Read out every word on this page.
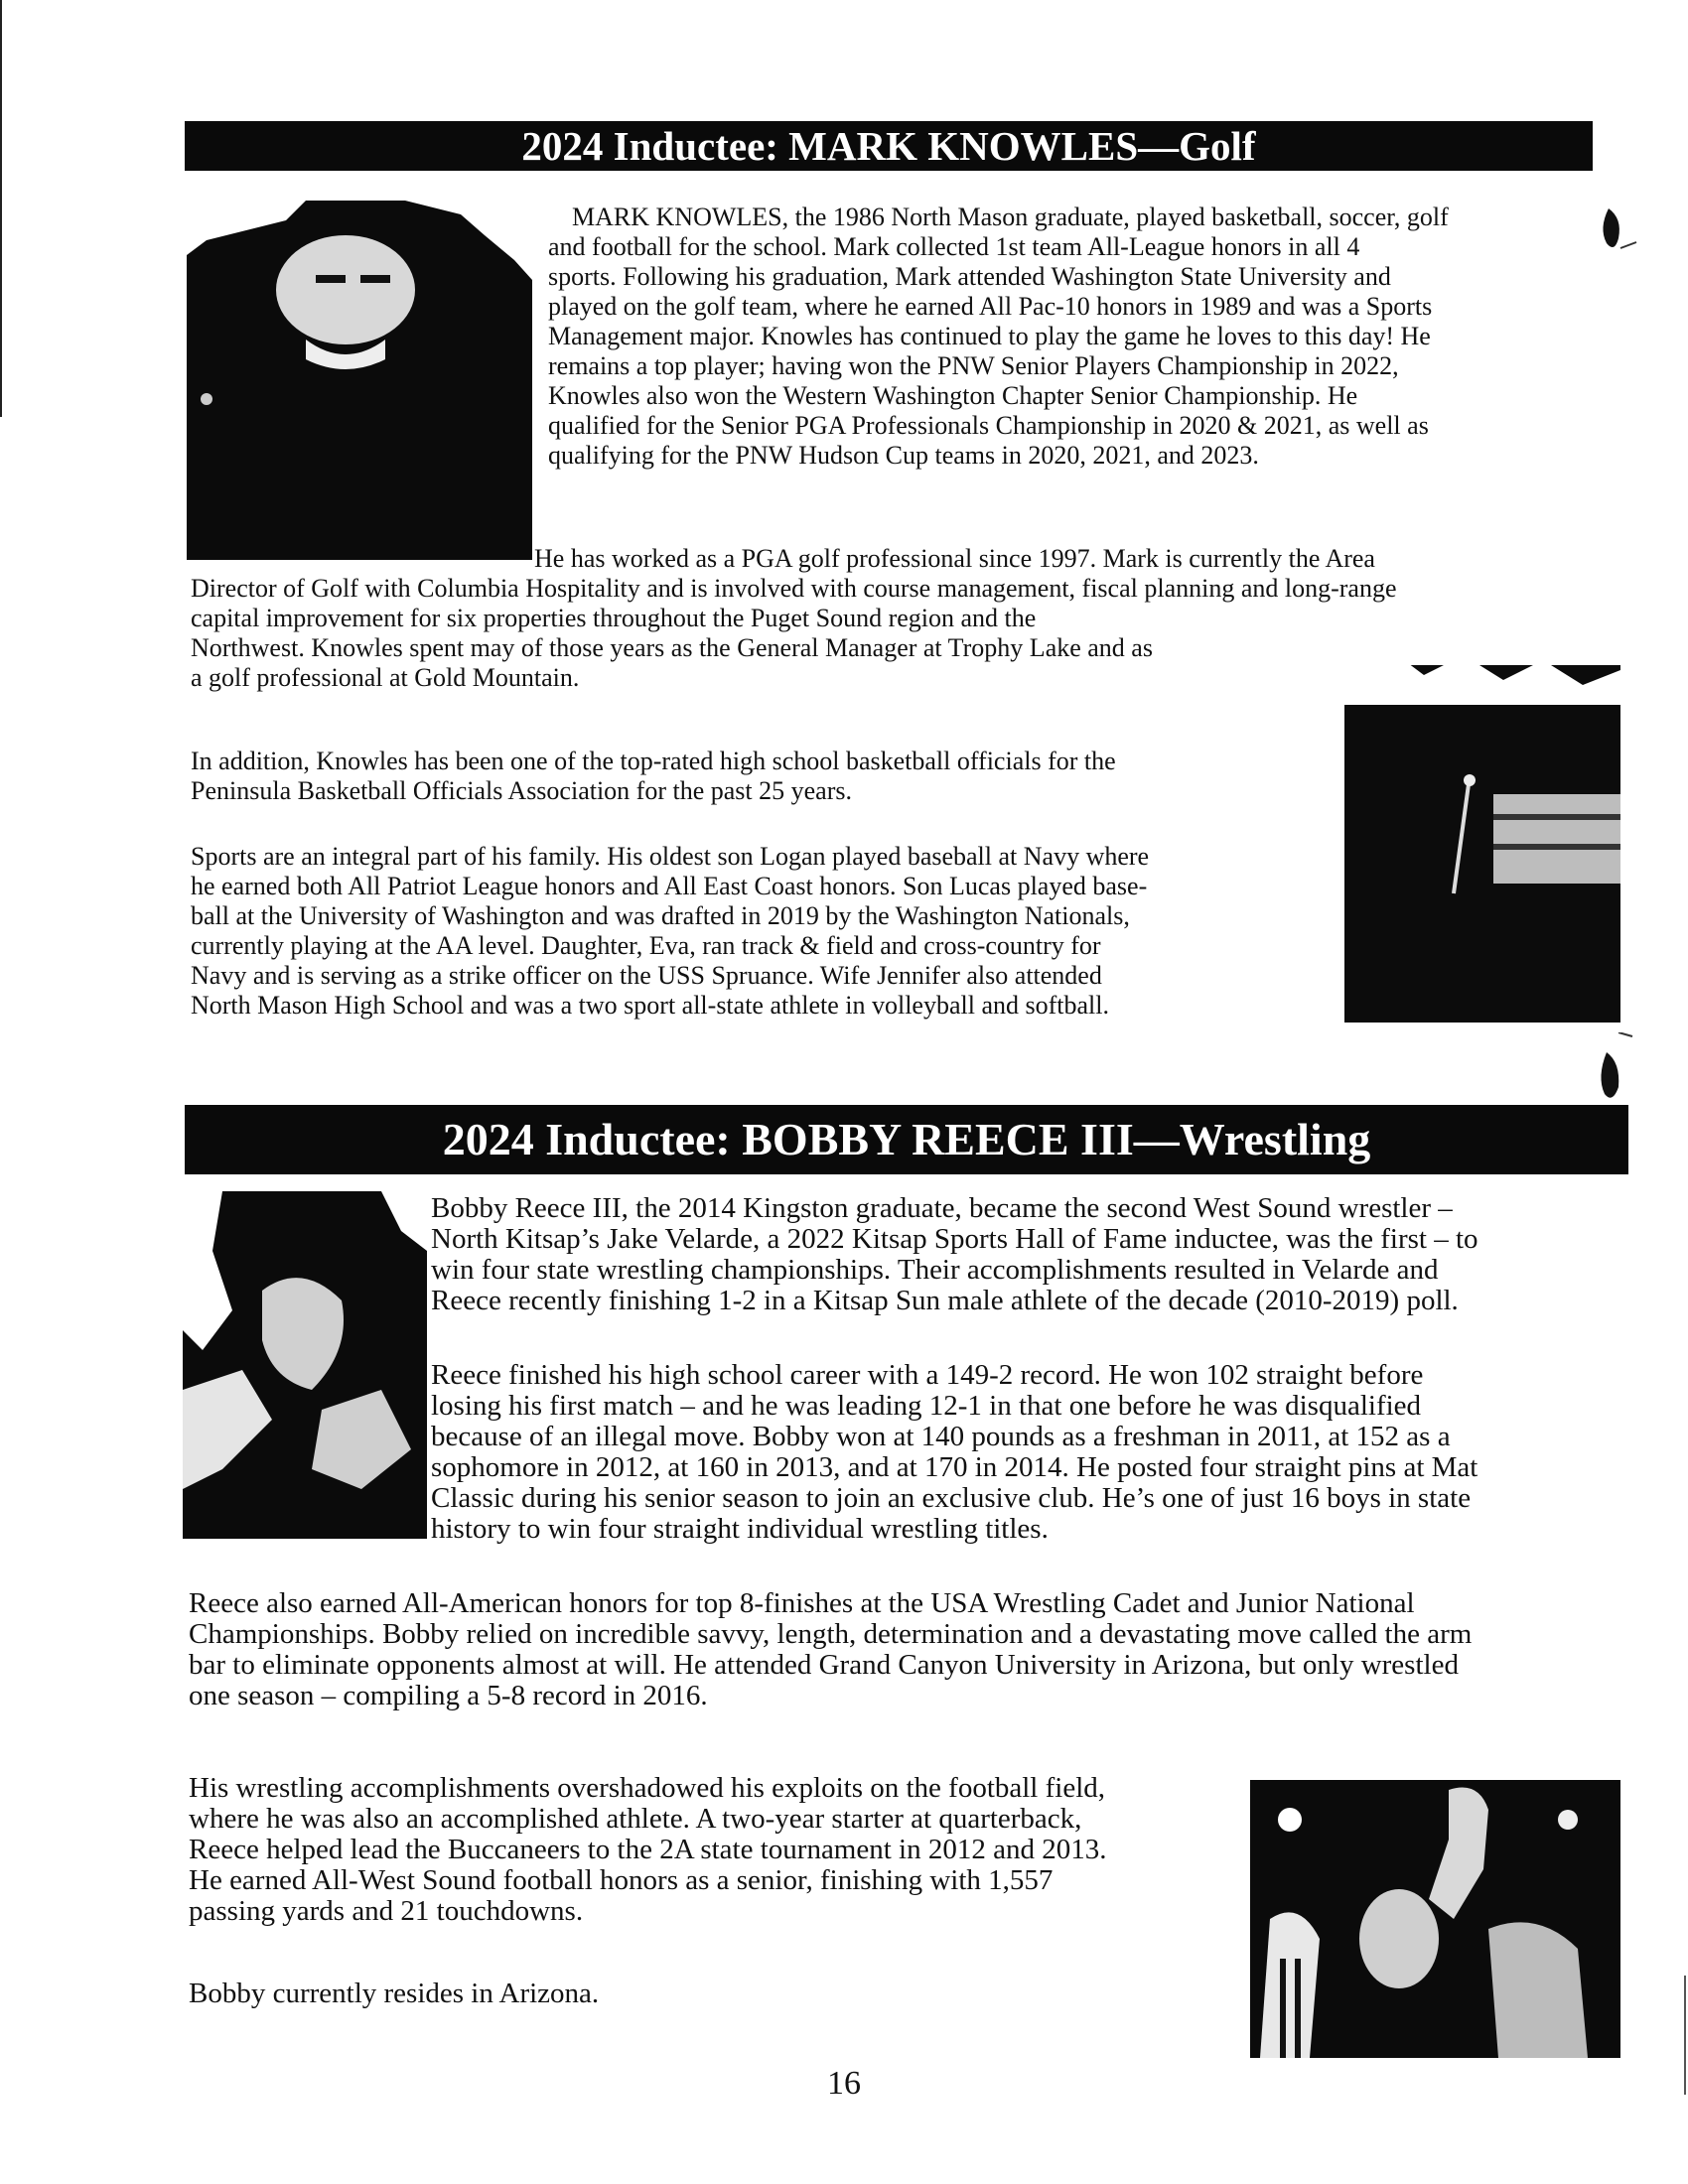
2024 Inductee: MARK KNOWLES—Golf

MARK KNOWLES, the 1986 North Mason graduate, played basketball, soccer, golf
and football for the school. Mark collected 1st team All-League honors in all 4
sports. Following his graduation, Mark attended Washington State University and
played on the golf team, where he earned All Pac-10 honors in 1989 and was a Sports
Management major. Knowles has continued to play the game he loves to this day! He
remains a top player; having won the PNW Senior Players Championship in 2022,
Knowles also won the Western Washington Chapter Senior Championship. He
qualified for the Senior PGA Professionals Championship in 2020 & 2021, as well as
qualifying for the PNW Hudson Cup teams in 2020, 2021, and 2023.

He has worked as a PGA golf professional since 1997. Mark is currently the Area
Director of Golf with Columbia Hospitality and is involved with course management, fiscal planning and long-range
capital improvement for six properties throughout the Puget Sound region and the
Northwest. Knowles spent may of those years as the General Manager at Trophy Lake and as
a golf professional at Gold Mountain.

In addition, Knowles has been one of the top-rated high school basketball officials for the
Peninsula Basketball Officials Association for the past 25 years.

Sports are an integral part of his family. His oldest son Logan played baseball at Navy where
he earned both All Patriot League honors and All East Coast honors. Son Lucas played base-
ball at the University of Washington and was drafted in 2019 by the Washington Nationals,
currently playing at the AA level. Daughter, Eva, ran track & field and cross-country for
Navy and is serving as a strike officer on the USS Spruance. Wife Jennifer also attended
North Mason High School and was a two sport all-state athlete in volleyball and softball.

2024 Inductee: BOBBY REECE III—Wrestling

Bobby Reece III, the 2014 Kingston graduate, became the second West Sound wrestler –
North Kitsap’s Jake Velarde, a 2022 Kitsap Sports Hall of Fame inductee, was the first – to
win four state wrestling championships. Their accomplishments resulted in Velarde and
Reece recently finishing 1-2 in a Kitsap Sun male athlete of the decade (2010-2019) poll.

Reece finished his high school career with a 149-2 record. He won 102 straight before
losing his first match – and he was leading 12-1 in that one before he was disqualified
because of an illegal move. Bobby won at 140 pounds as a freshman in 2011, at 152 as a
sophomore in 2012, at 160 in 2013, and at 170 in 2014. He posted four straight pins at Mat
Classic during his senior season to join an exclusive club. He’s one of just 16 boys in state
history to win four straight individual wrestling titles.

Reece also earned All-American honors for top 8-finishes at the USA Wrestling Cadet and Junior National
Championships. Bobby relied on incredible savvy, length, determination and a devastating move called the arm
bar to eliminate opponents almost at will. He attended Grand Canyon University in Arizona, but only wrestled
one season – compiling a 5-8 record in 2016.

His wrestling accomplishments overshadowed his exploits on the football field,
where he was also an accomplished athlete. A two-year starter at quarterback,
Reece helped lead the Buccaneers to the 2A state tournament in 2012 and 2013.
He earned All-West Sound football honors as a senior, finishing with 1,557
passing yards and 21 touchdowns.

Bobby currently resides in Arizona.

16
